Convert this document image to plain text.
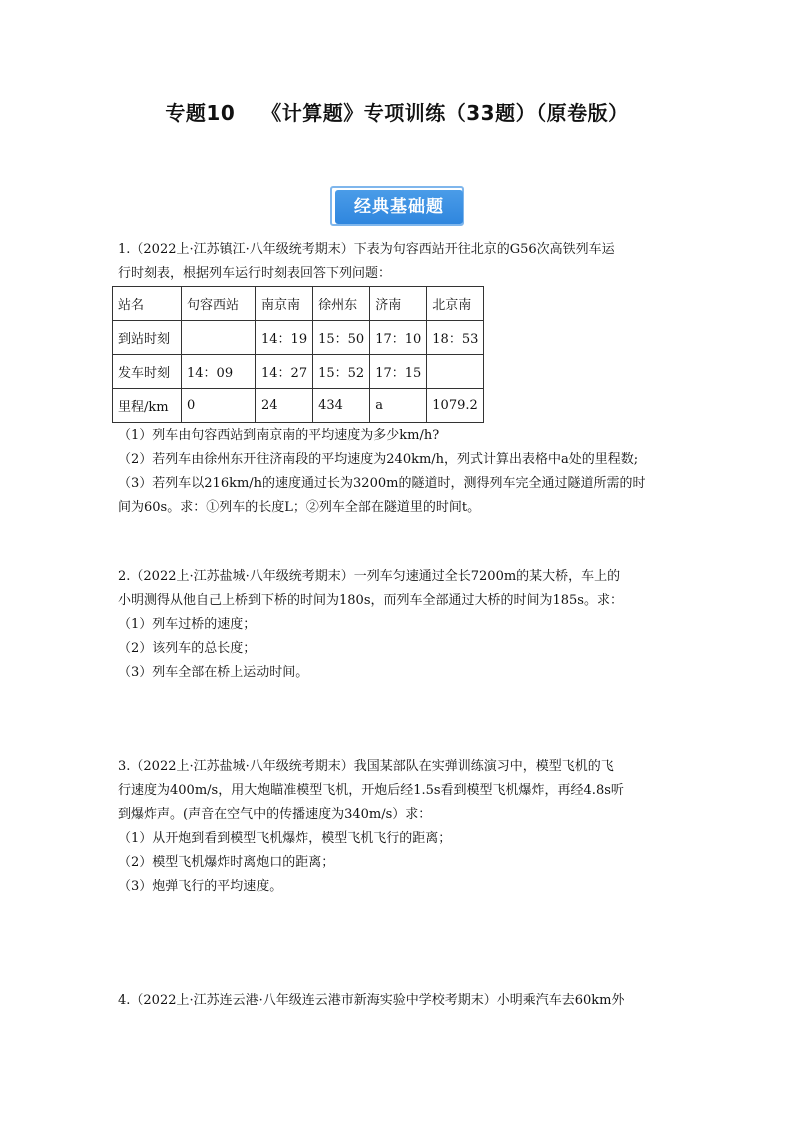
专题10 《计算题》专项训练（33题）（原卷版）
经典基础题

1.（2022上·江苏镇江·八年级统考期末）下表为句容西站开往北京的G56次高铁列车运

行时刻表，根据列车运行时刻表回答下列问题：

站名	句容西站	南京南	徐州东	济南	北京南
到站时刻		14：19	15：50	17：10	18：53
发车时刻	14：09	14：27	15：52	17：15	
里程/km	0	24	434	a	1079.2

（1）列车由句容西站到南京南的平均速度为多少km/h?

（2）若列车由徐州东开往济南段的平均速度为240km/h，列式计算出表格中a处的里程数;

（3）若列车以216km/h的速度通过长为3200m的隧道时，测得列车完全通过隧道所需的时

间为60s。求：①列车的长度L；②列车全部在隧道里的时间t。

2.（2022上·江苏盐城·八年级统考期末）一列车匀速通过全长7200m的某大桥，车上的

小明测得从他自己上桥到下桥的时间为180s，而列车全部通过大桥的时间为185s。求：

（1）列车过桥的速度；

（2）该列车的总长度；

（3）列车全部在桥上运动时间。

3.（2022上·江苏盐城·八年级统考期末）我国某部队在实弹训练演习中，模型飞机的飞

行速度为400m/s，用大炮瞄准模型飞机，开炮后经1.5s看到模型飞机爆炸，再经4.8s听

到爆炸声。(声音在空气中的传播速度为340m/s）求：

（1）从开炮到看到模型飞机爆炸，模型飞机飞行的距离；

（2）模型飞机爆炸时离炮口的距离；

（3）炮弹飞行的平均速度。

4.（2022上·江苏连云港·八年级连云港市新海实验中学校考期末）小明乘汽车去60km外
